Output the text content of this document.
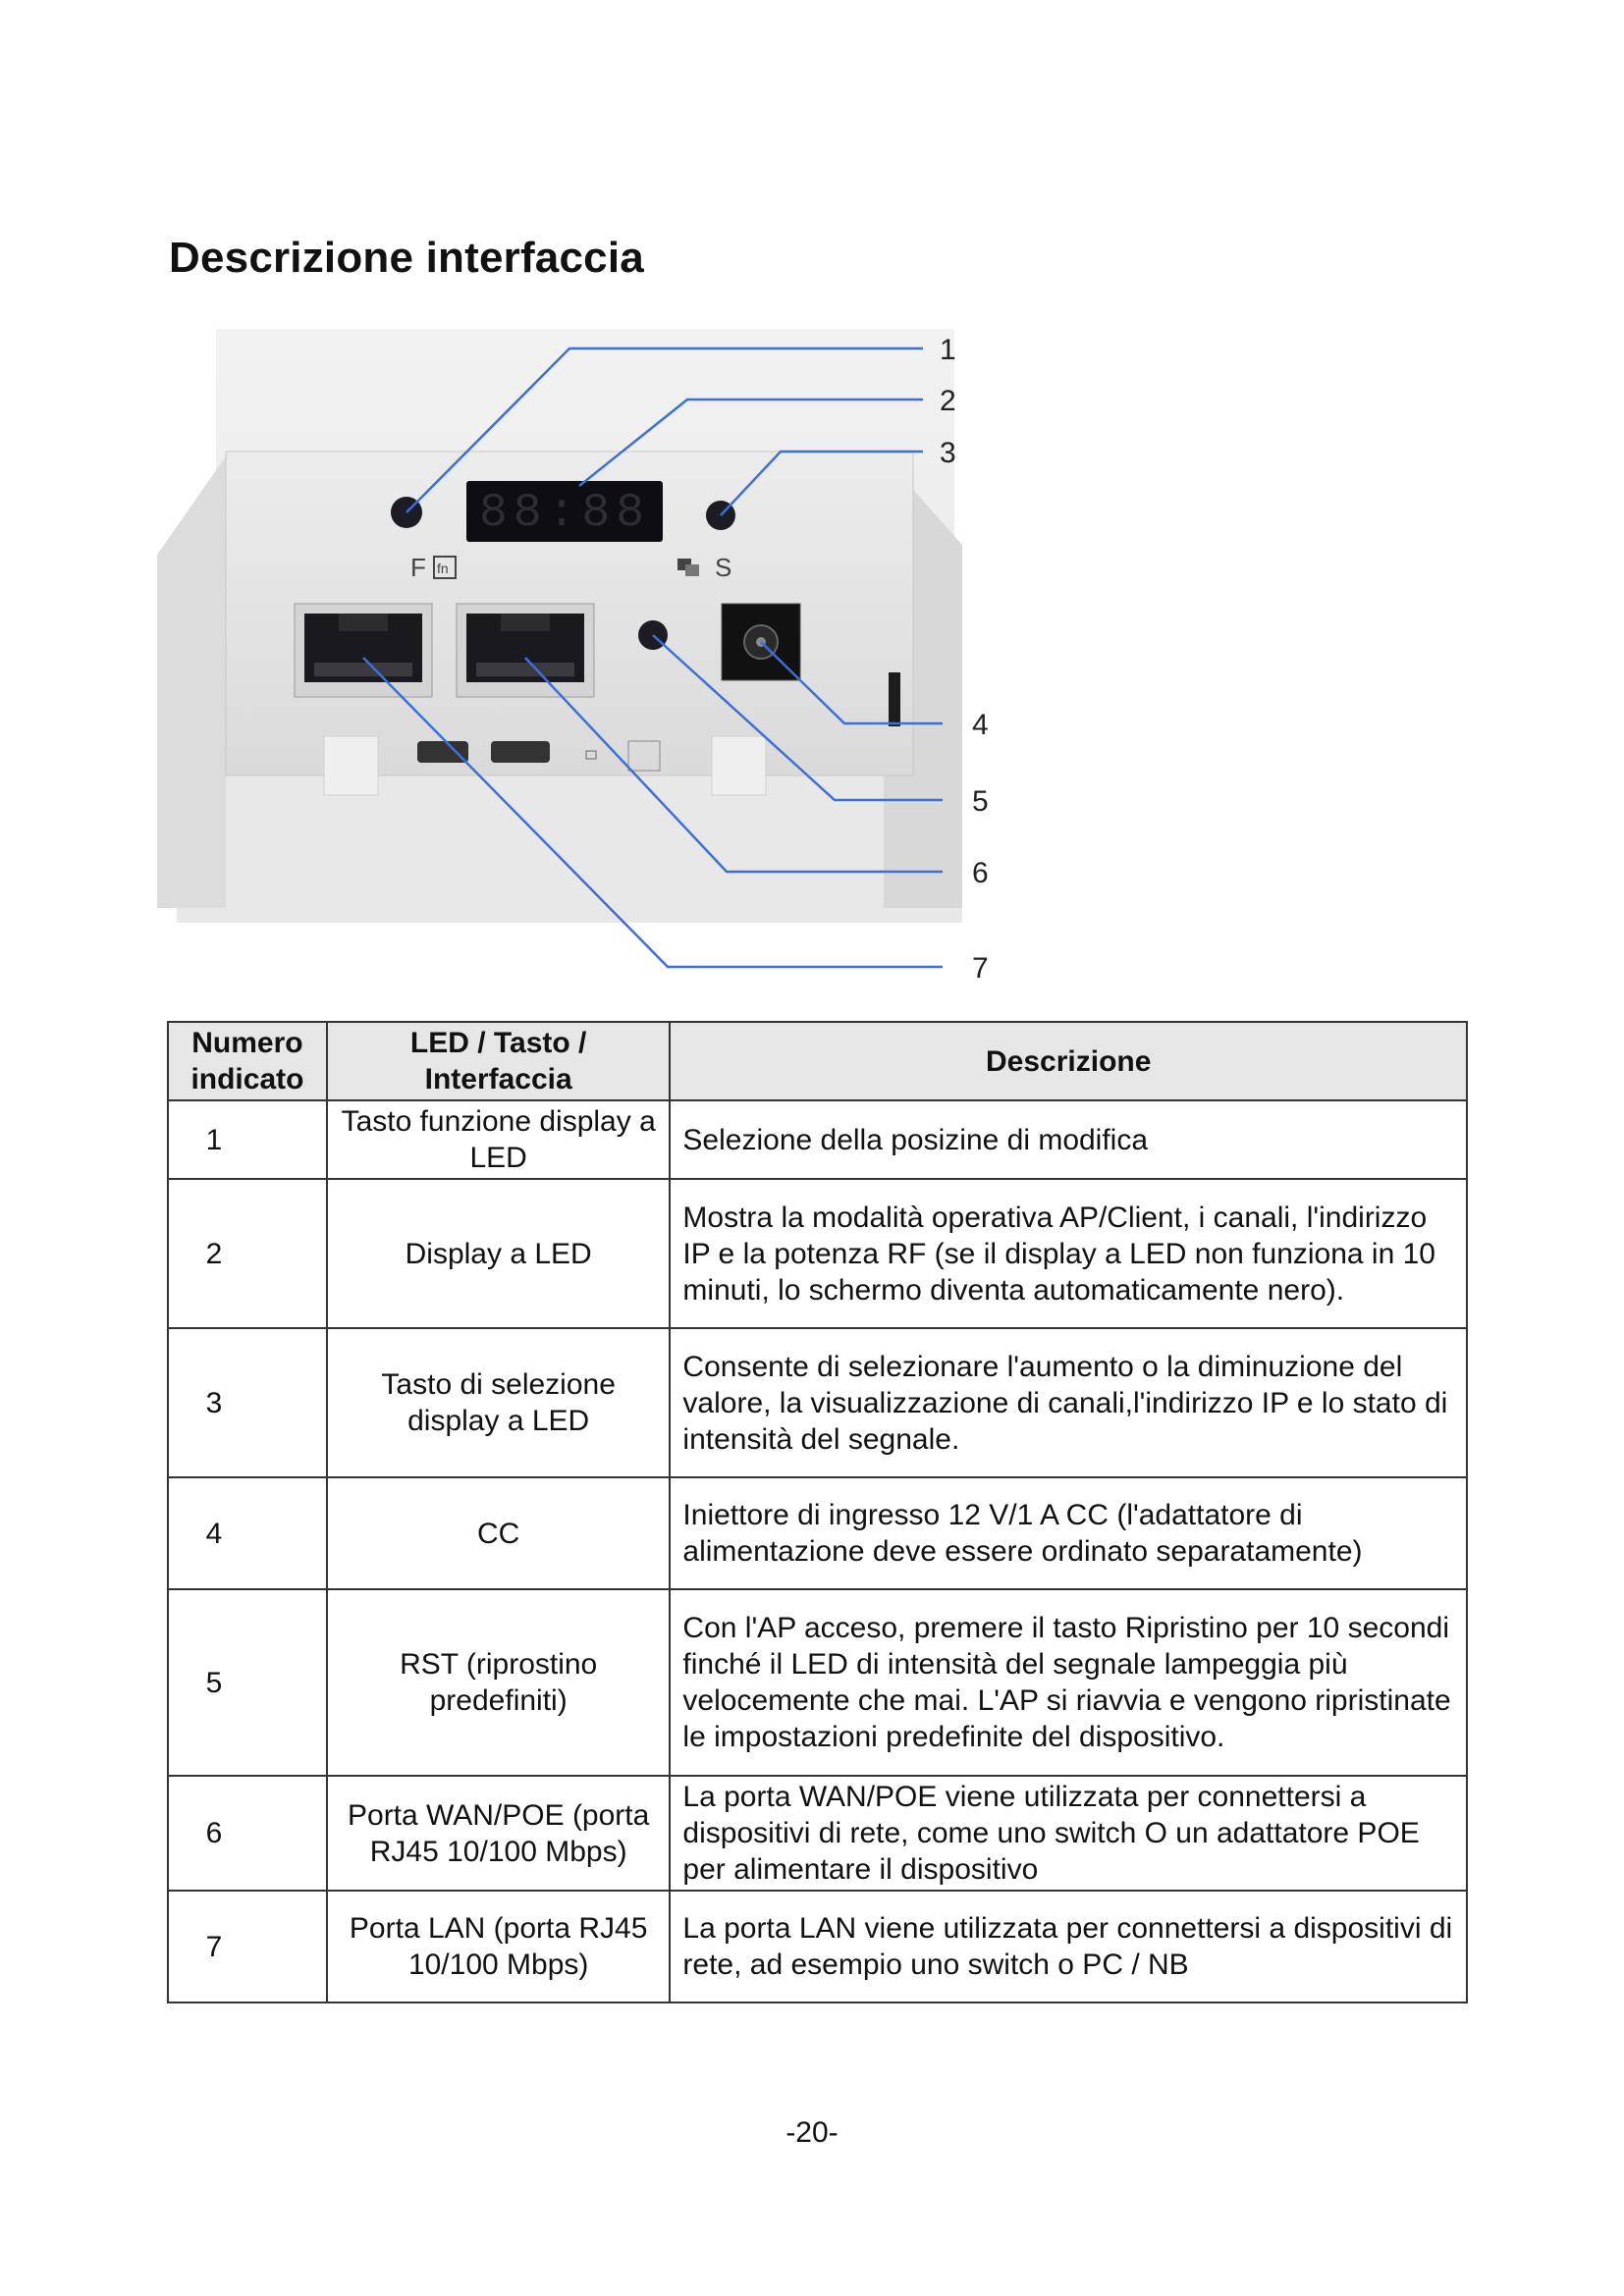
Descrizione interfaccia
88:88
F fn	S
1
2
3
4
5
6
7
Numero indicato	LED / Tasto / Interfaccia	Descrizione
1	Tasto funzione display a LED	Selezione della posizine di modifica
2	Display a LED	Mostra la modalità operativa AP/Client, i canali, l'indirizzo IP e la potenza RF (se il display a LED non funziona in 10 minuti, lo schermo diventa automaticamente nero).
3	Tasto di selezione display a LED	Consente di selezionare l'aumento o la diminuzione del valore, la visualizzazione di canali,l'indirizzo IP e lo stato di intensità del segnale.
4	CC	Iniettore di ingresso 12 V/1 A CC (l'adattatore di alimentazione deve essere ordinato separatamente)
5	RST (riprostino predefiniti)	Con l'AP acceso, premere il tasto Ripristino per 10 secondi finché il LED di intensità del segnale lampeggia più velocemente che mai. L'AP si riavvia e vengono ripristinate le impostazioni predefinite del dispositivo.
6	Porta WAN/POE (porta RJ45 10/100 Mbps)	La porta WAN/POE viene utilizzata per connettersi a dispositivi di rete, come uno switch O un adattatore POE per alimentare il dispositivo
7	Porta LAN (porta RJ45 10/100 Mbps)	La porta LAN viene utilizzata per connettersi a dispositivi di rete, ad esempio uno switch o PC / NB
-20-
